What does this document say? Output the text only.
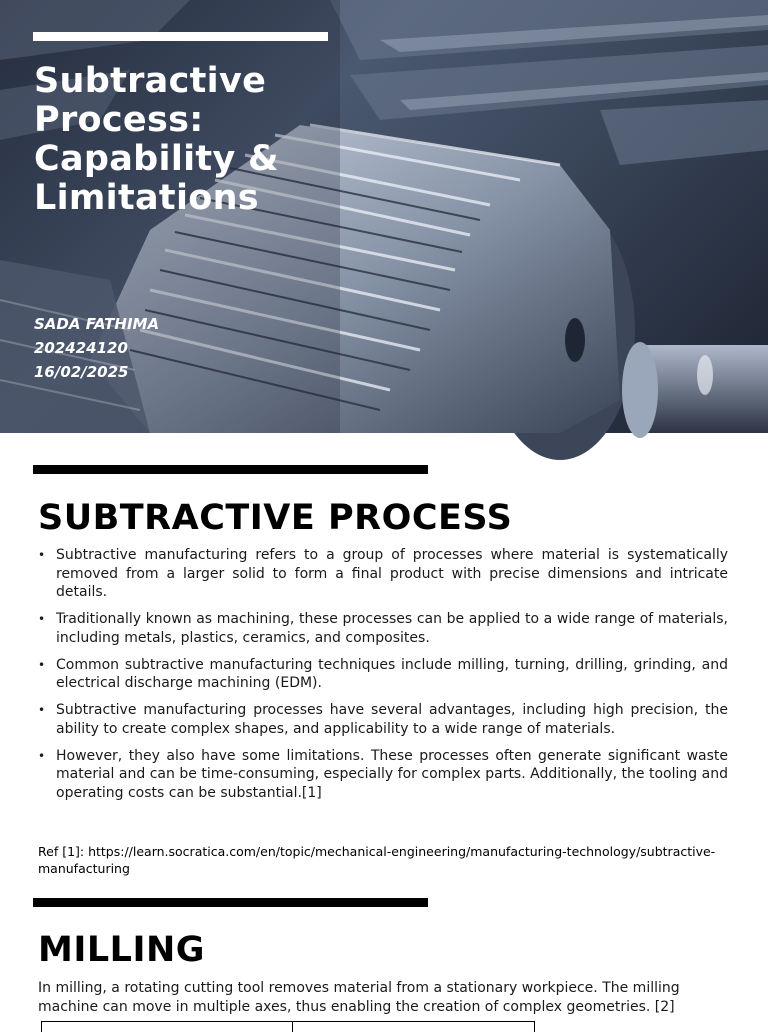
Subtractive Process: Capability & Limitations
SADA FATHIMA
202424120
16/02/2025
SUBTRACTIVE PROCESS
• Subtractive manufacturing refers to a group of processes where material is systematically removed from a larger solid to form a final product with precise dimensions and intricate details.
• Traditionally known as machining, these processes can be applied to a wide range of materials, including metals, plastics, ceramics, and composites.
• Common subtractive manufacturing techniques include milling, turning, drilling, grinding, and electrical discharge machining (EDM).
• Subtractive manufacturing processes have several advantages, including high precision, the ability to create complex shapes, and applicability to a wide range of materials.
• However, they also have some limitations. These processes often generate significant waste material and can be time-consuming, especially for complex parts. Additionally, the tooling and operating costs can be substantial.[1]
Ref [1]: https://learn.socratica.com/en/topic/mechanical-engineering/manufacturing-technology/subtractive-manufacturing
MILLING

In milling, a rotating cutting tool removes material from a stationary workpiece. The milling machine can move in multiple axes, thus enabling the creation of complex geometries. [2]
